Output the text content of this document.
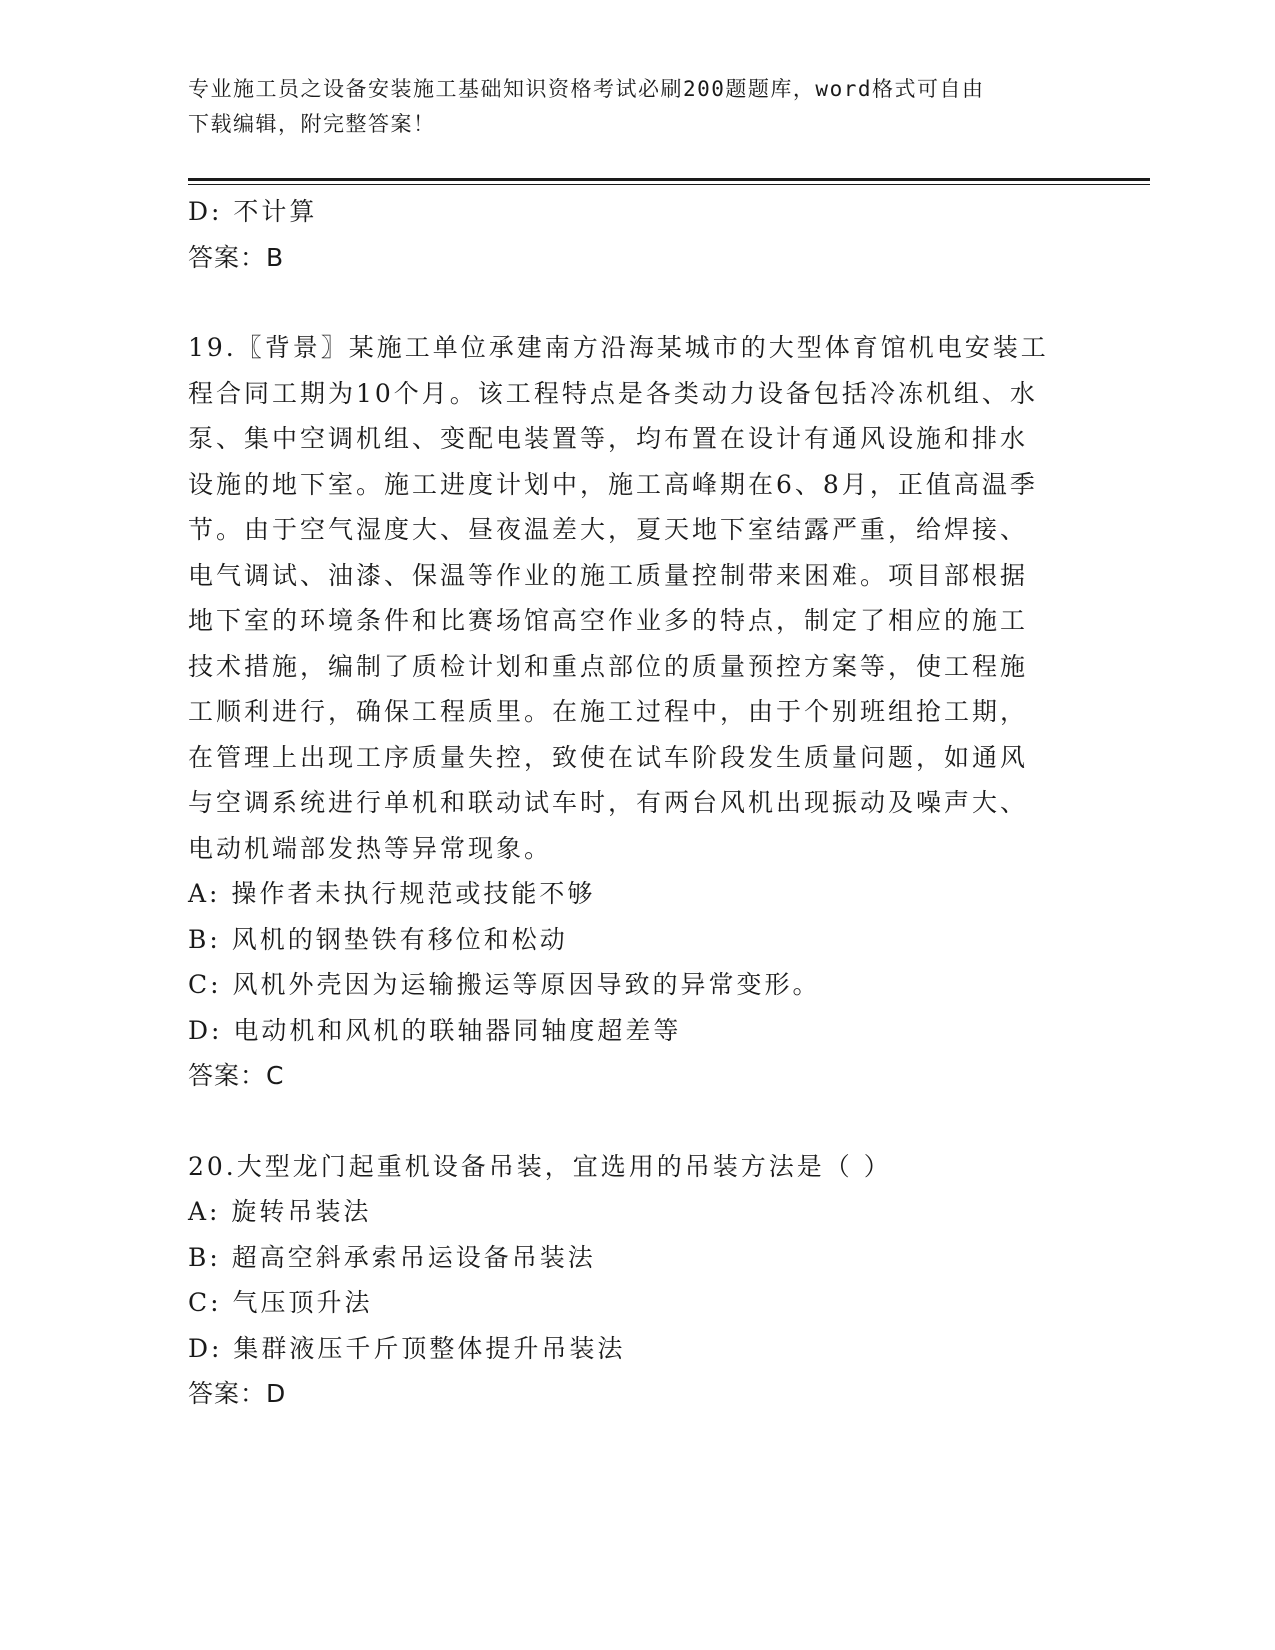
专业施工员之设备安装施工基础知识资格考试必刷200题题库，word格式可自由
下载编辑，附完整答案！
D: 不计算
答案：B
19.〖背景〗某施工单位承建南方沿海某城市的大型体育馆机电安装工
程合同工期为10个月。该工程特点是各类动力设备包括冷冻机组、水
泵、集中空调机组、变配电装置等，均布置在设计有通风设施和排水
设施的地下室。施工进度计划中，施工高峰期在6、8月，正值高温季
节。由于空气湿度大、昼夜温差大，夏天地下室结露严重，给焊接、
电气调试、油漆、保温等作业的施工质量控制带来困难。项目部根据
地下室的环境条件和比赛场馆高空作业多的特点，制定了相应的施工
技术措施，编制了质检计划和重点部位的质量预控方案等，使工程施
工顺利进行，确保工程质里。在施工过程中，由于个别班组抢工期，
在管理上出现工序质量失控，致使在试车阶段发生质量问题，如通风
与空调系统进行单机和联动试车时，有两台风机出现振动及噪声大、
电动机端部发热等异常现象。
A: 操作者未执行规范或技能不够
B: 风机的钢垫铁有移位和松动
C: 风机外壳因为运输搬运等原因导致的异常变形。
D: 电动机和风机的联轴器同轴度超差等
答案：C
20.大型龙门起重机设备吊装，宜选用的吊装方法是（ ）
A: 旋转吊装法
B: 超高空斜承索吊运设备吊装法
C: 气压顶升法
D: 集群液压千斤顶整体提升吊装法
答案：D
